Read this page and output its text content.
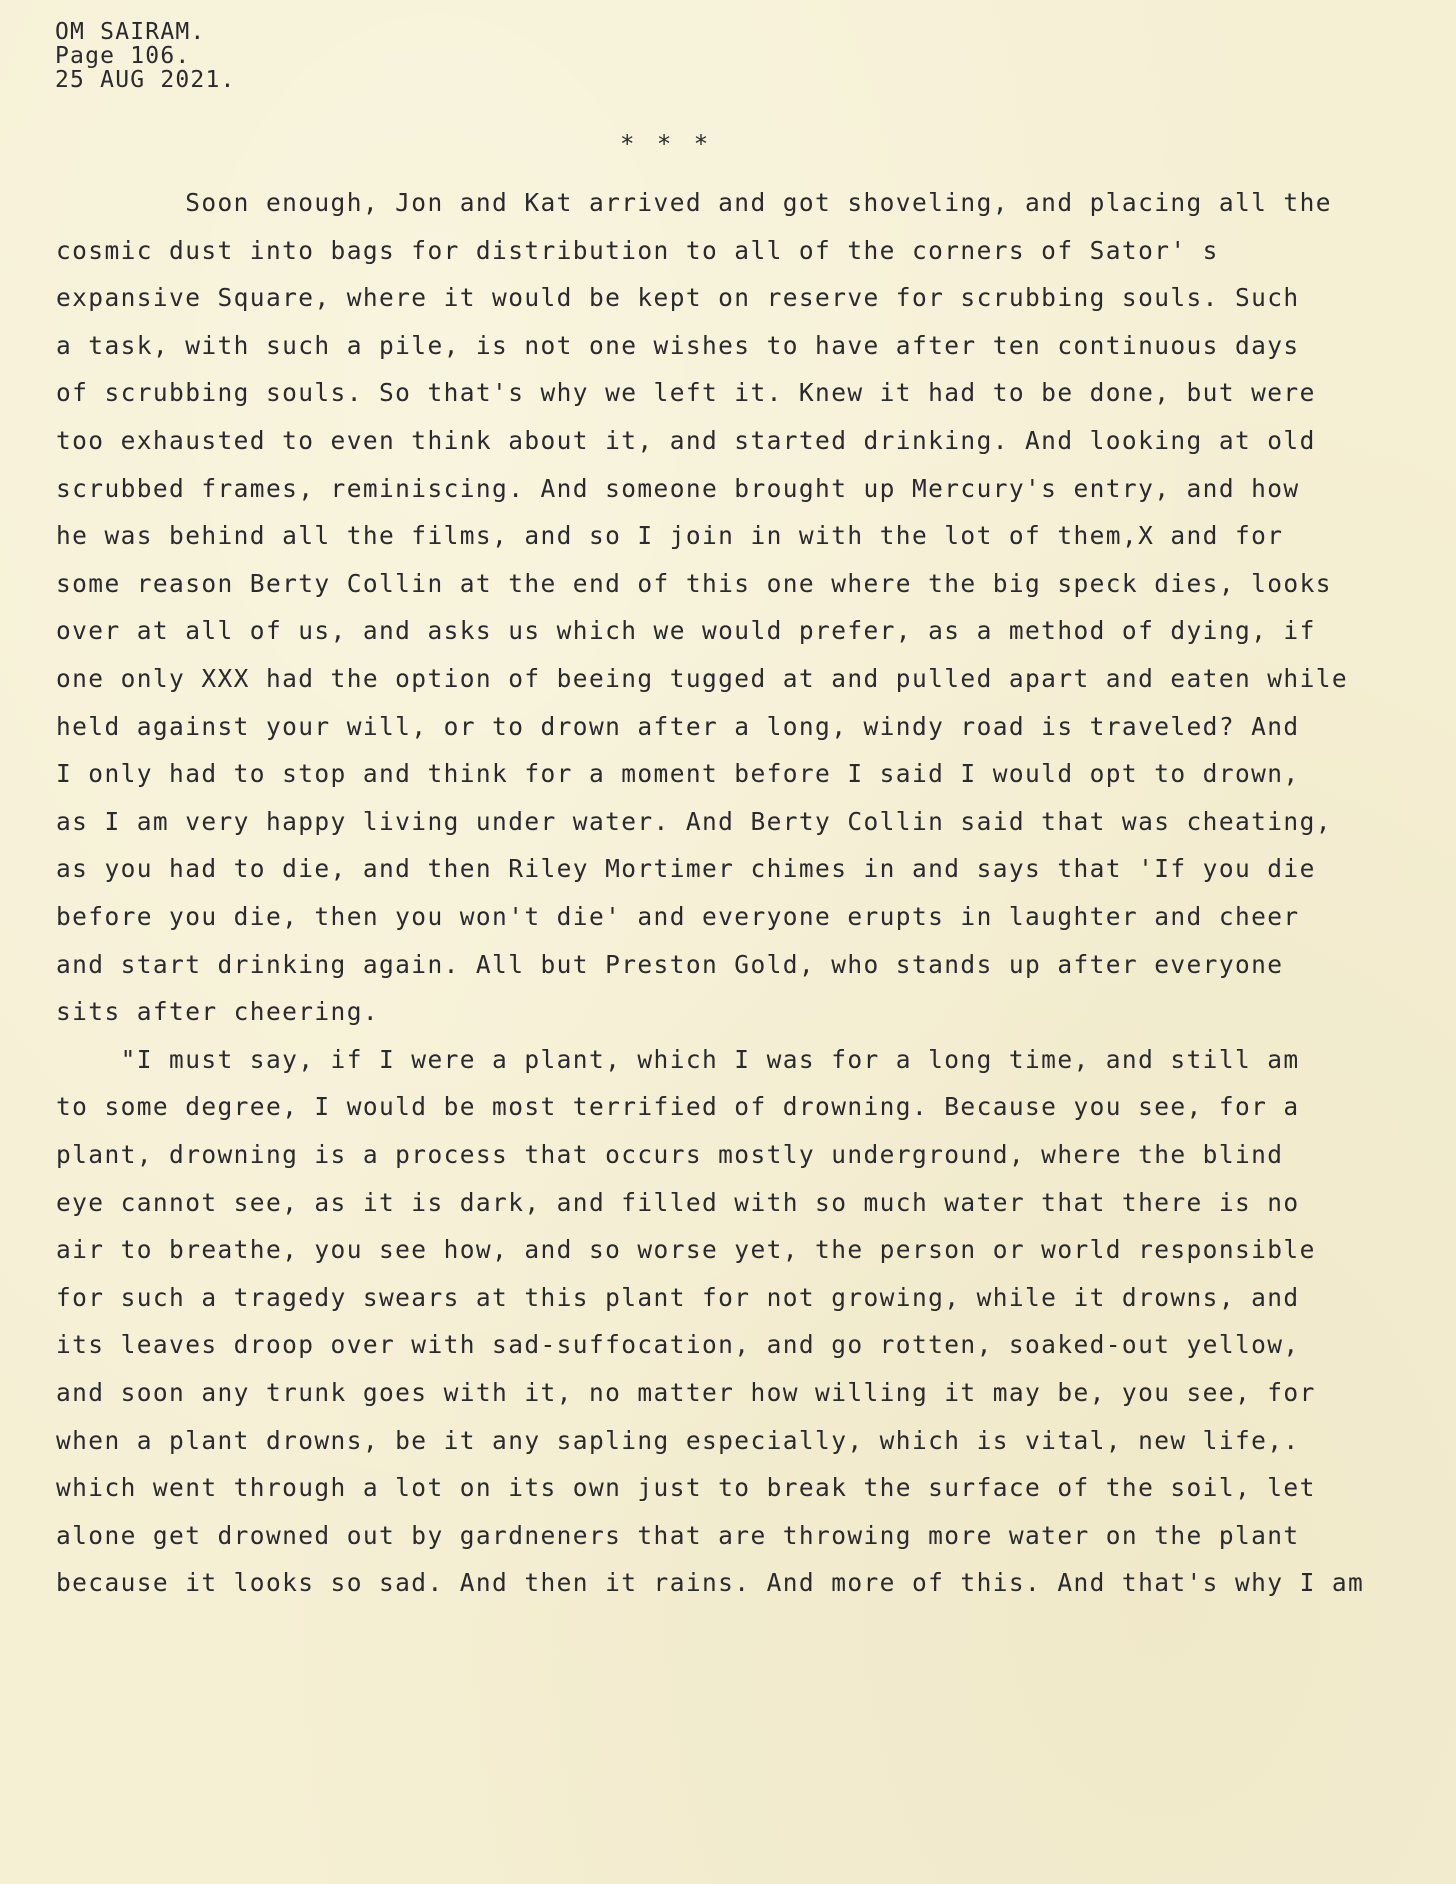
OM SAIRAM.
Page 106.
25 AUG 2021.
* * *
Soon enough, Jon and Kat arrived and got shoveling, and placing all the
cosmic dust into bags for distribution to all of the corners of Sator' s
expansive Square, where it would be kept on reserve for scrubbing souls. Such
a task, with such a pile, is not one wishes to have after ten continuous days
of scrubbing souls. So that's why we left it. Knew it had to be done, but were
too exhausted to even think about it, and started drinking. And looking at old
scrubbed frames, reminiscing. And someone brought up Mercury's entry, and how
he was behind all the films, and so I join in with the lot of them,X and for
some reason Berty Collin at the end of this one where the big speck dies, looks
over at all of us, and asks us which we would prefer, as a method of dying, if
one only XXX had the option of beeing tugged at and pulled apart and eaten while
held against your will, or to drown after a long, windy road is traveled? And
I only had to stop and think for a moment before I said I would opt to drown,
as I am very happy living under water. And Berty Collin said that was cheating,
as you had to die, and then Riley Mortimer chimes in and says that 'If you die
before you die, then you won't die' and everyone erupts in laughter and cheer
and start drinking again. All but Preston Gold, who stands up after everyone
sits after cheering.
"I must say, if I were a plant, which I was for a long time, and still am
to some degree, I would be most terrified of drowning. Because you see, for a
plant, drowning is a process that occurs mostly underground, where the blind
eye cannot see, as it is dark, and filled with so much water that there is no
air to breathe, you see how, and so worse yet, the person or world responsible
for such a tragedy swears at this plant for not growing, while it drowns, and
its leaves droop over with sad-suffocation, and go rotten, soaked-out yellow,
and soon any trunk goes with it, no matter how willing it may be, you see, for
when a plant drowns, be it any sapling especially, which is vital, new life,.
which went through a lot on its own just to break the surface of the soil, let
alone get drowned out by gardneners that are throwing more water on the plant
because it looks so sad. And then it rains. And more of this. And that's why I am
